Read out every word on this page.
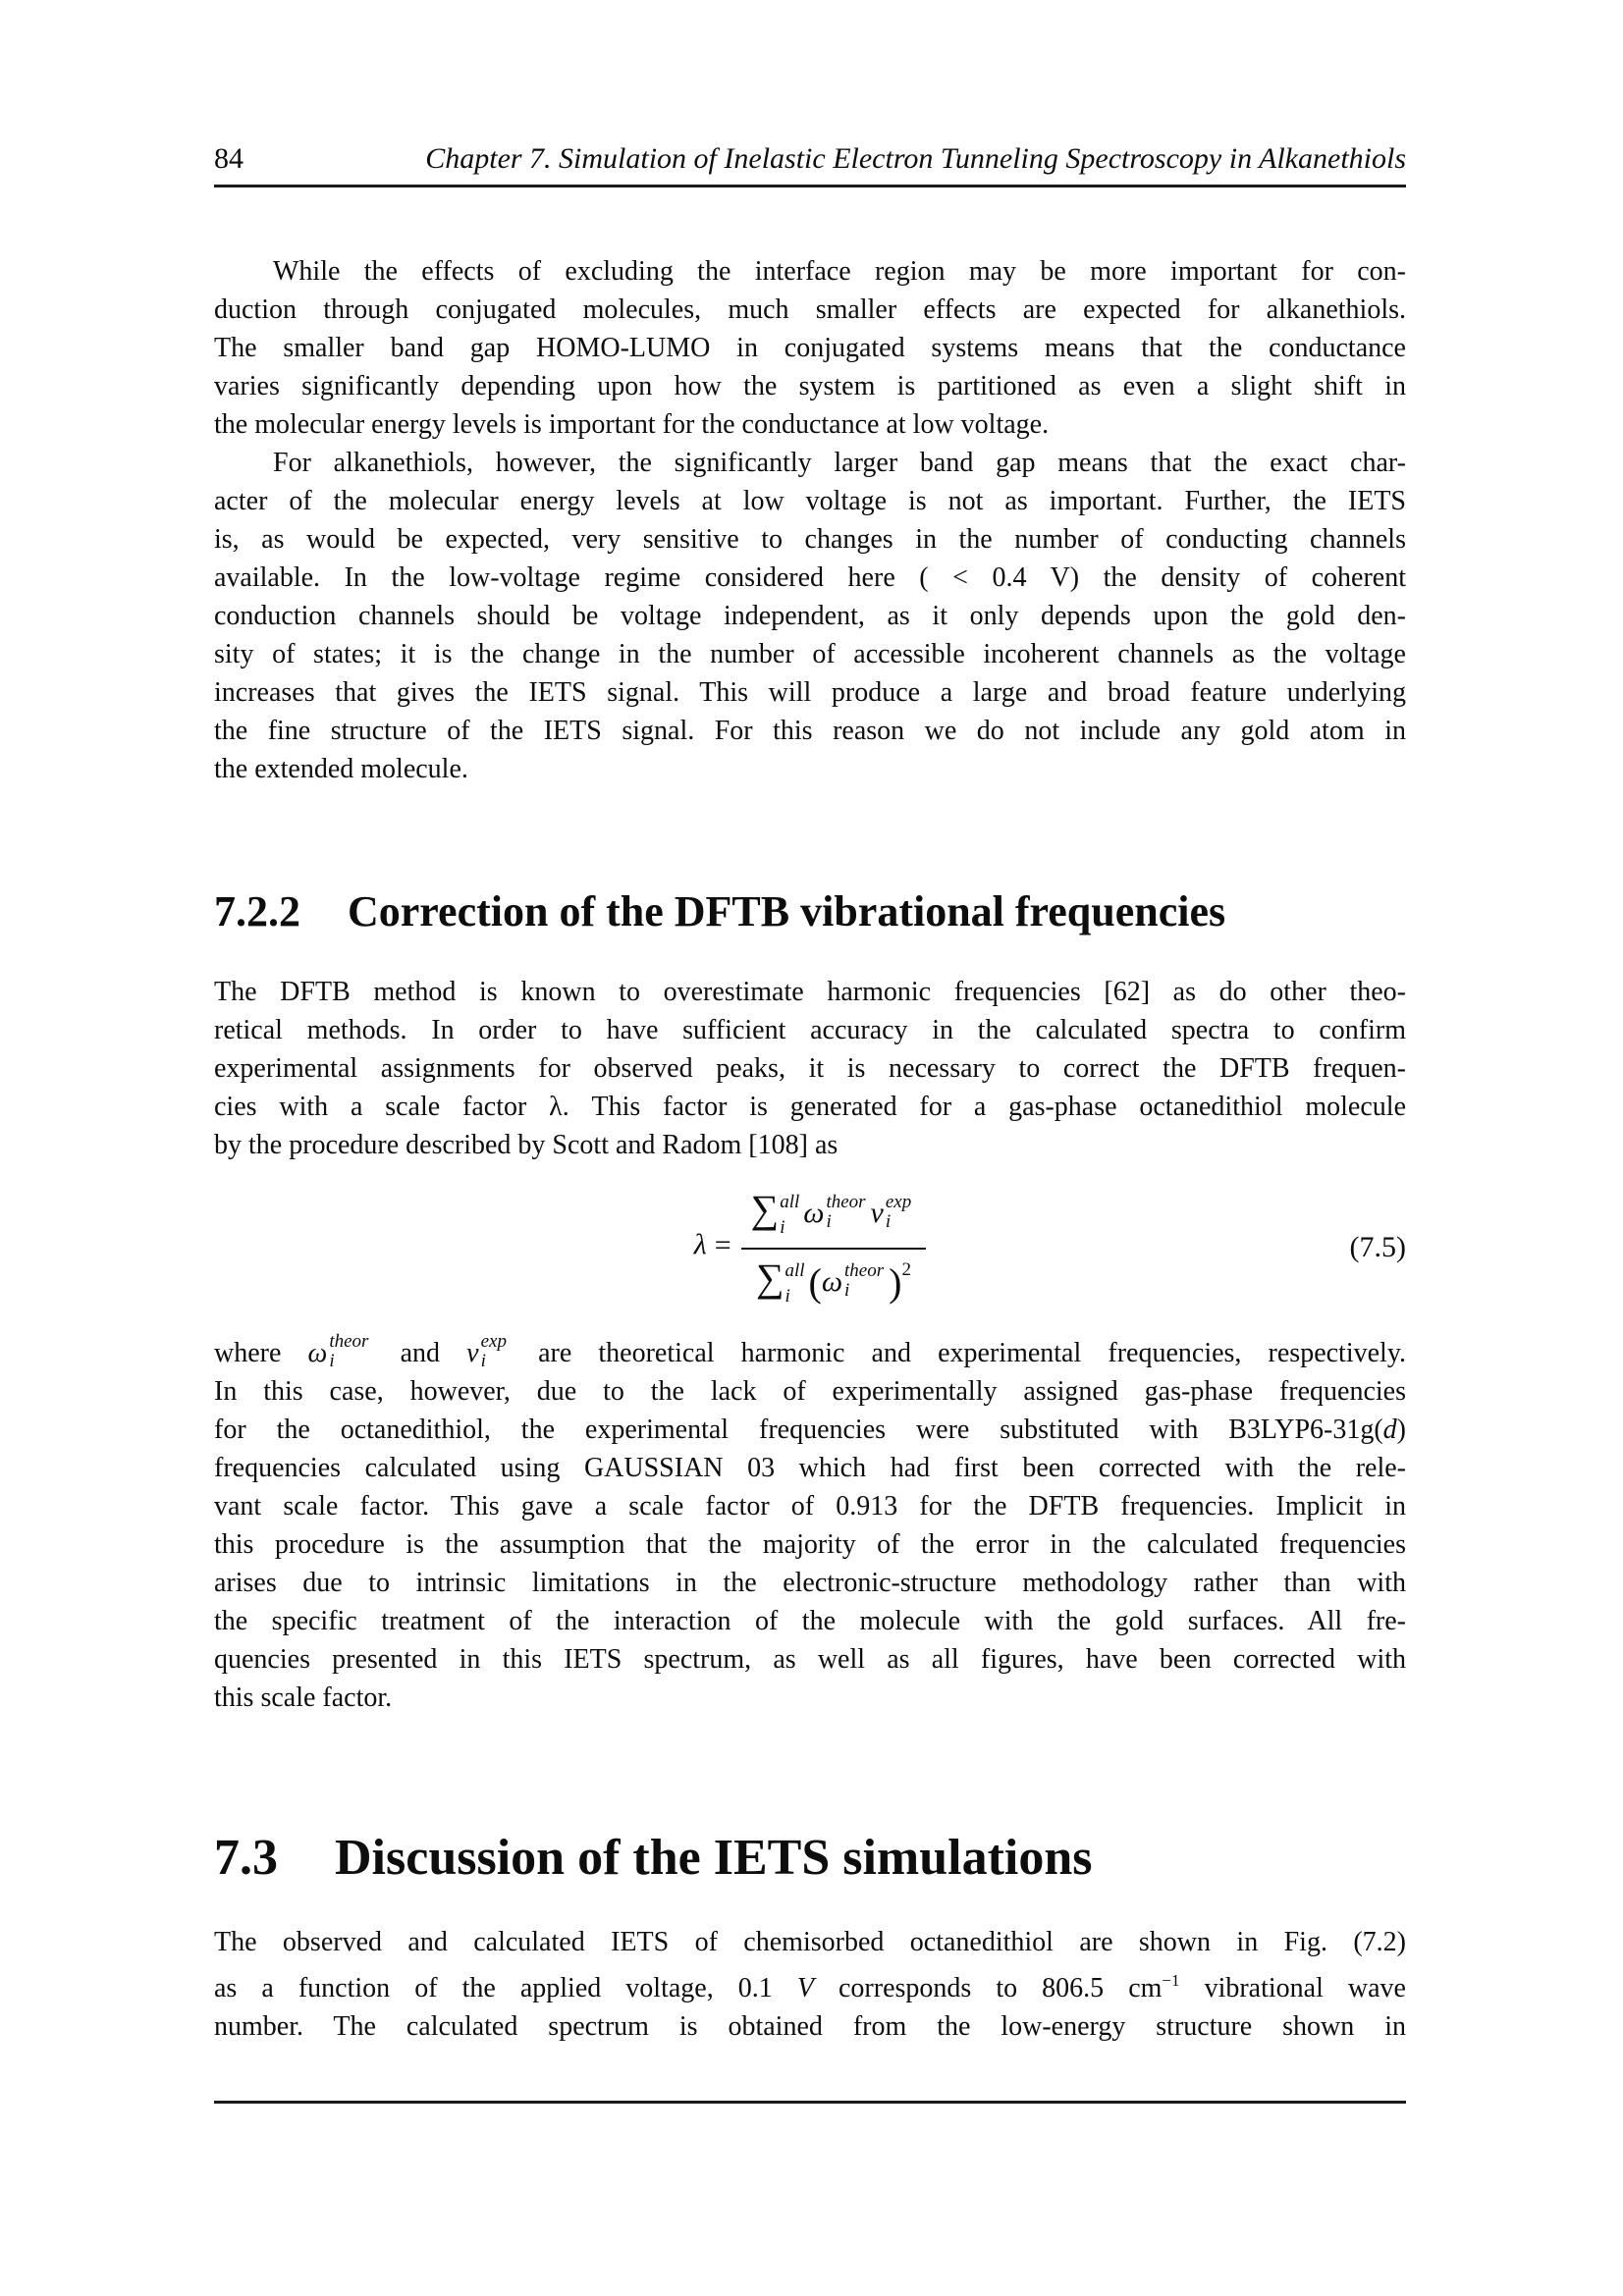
84	Chapter 7. Simulation of Inelastic Electron Tunneling Spectroscopy in Alkanethiols
While the effects of excluding the interface region may be more important for con-
duction through conjugated molecules, much smaller effects are expected for alkanethiols.
The smaller band gap HOMO-LUMO in conjugated systems means that the conductance
varies significantly depending upon how the system is partitioned as even a slight shift in
the molecular energy levels is important for the conductance at low voltage.
For alkanethiols, however, the significantly larger band gap means that the exact char-
acter of the molecular energy levels at low voltage is not as important. Further, the IETS
is, as would be expected, very sensitive to changes in the number of conducting channels
available. In the low-voltage regime considered here ( < 0.4 V) the density of coherent
conduction channels should be voltage independent, as it only depends upon the gold den-
sity of states; it is the change in the number of accessible incoherent channels as the voltage
increases that gives the IETS signal. This will produce a large and broad feature underlying
the fine structure of the IETS signal. For this reason we do not include any gold atom in
the extended molecule.
7.2.2 Correction of the DFTB vibrational frequencies
The DFTB method is known to overestimate harmonic frequencies [62] as do other theo-
retical methods. In order to have sufficient accuracy in the calculated spectra to confirm
experimental assignments for observed peaks, it is necessary to correct the DFTB frequen-
cies with a scale factor λ. This factor is generated for a gas-phase octanedithiol molecule
by the procedure described by Scott and Radom [108] as
λ = ∑ all
i ω theor
i	ν exp
i
∑ all
i (ω theor
i )$^2$	(7.5)
where ω theor
i	and ν exp
i are theoretical harmonic and experimental frequencies, respectively.
In this case, however, due to the lack of experimentally assigned gas-phase frequencies
for the octanedithiol, the experimental frequencies were substituted with B3LYP6-31g(d)
frequencies calculated using GAUSSIAN 03 which had first been corrected with the rele-
vant scale factor. This gave a scale factor of 0.913 for the DFTB frequencies. Implicit in
this procedure is the assumption that the majority of the error in the calculated frequencies
arises due to intrinsic limitations in the electronic-structure methodology rather than with
the specific treatment of the interaction of the molecule with the gold surfaces. All fre-
quencies presented in this IETS spectrum, as well as all figures, have been corrected with
this scale factor.
7.3 Discussion of the IETS simulations
The observed and calculated IETS of chemisorbed octanedithiol are shown in Fig. (7.2)
as a function of the applied voltage, 0.1 V corresponds to 806.5 $cm^{-1}$ vibrational wave
number. The calculated spectrum is obtained from the low-energy structure shown in
